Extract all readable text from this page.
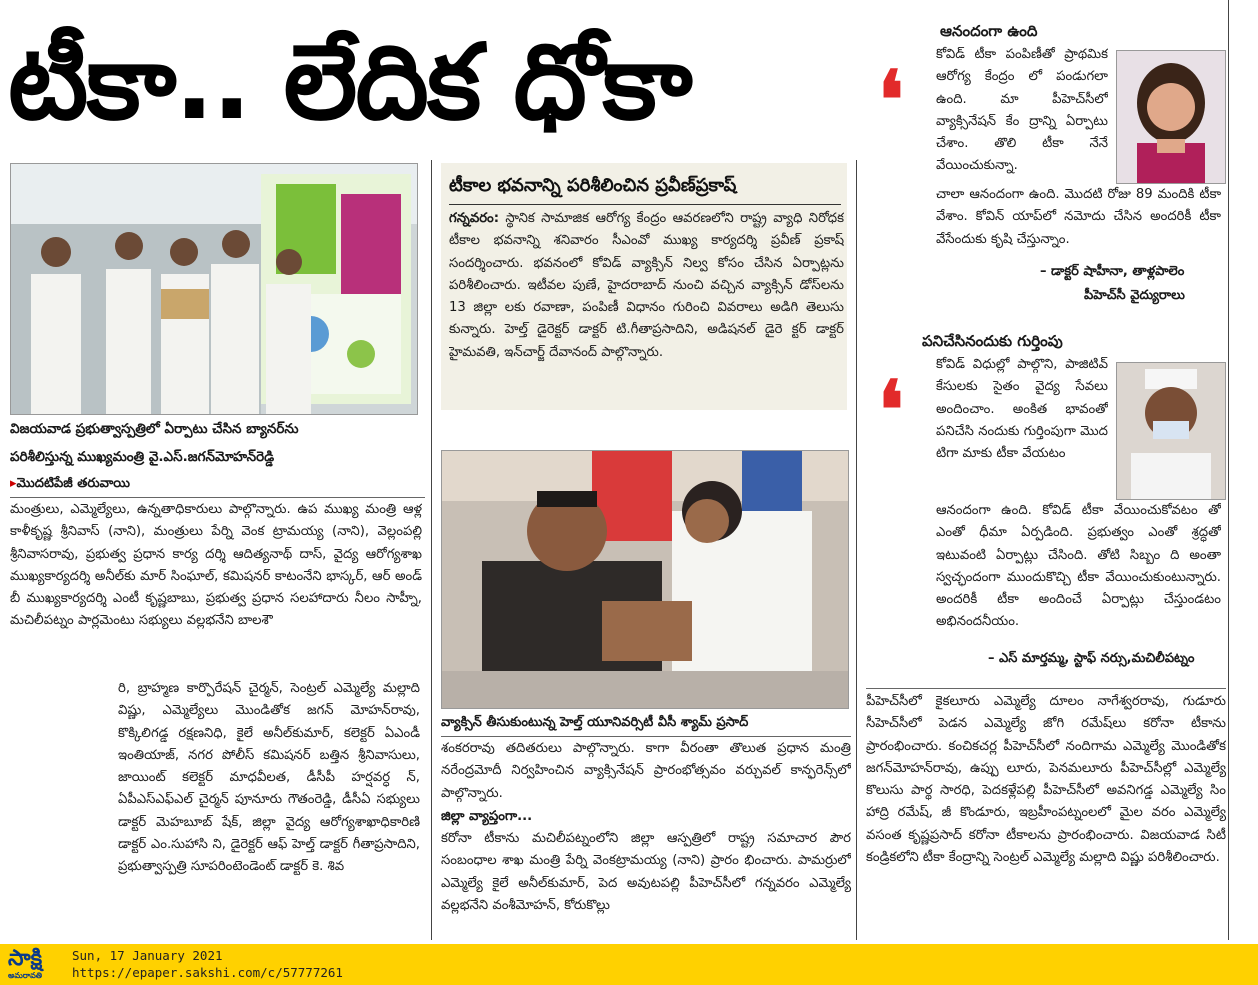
టీకా.. లేదిక ధోకా
విజయవాడ ప్రభుత్వాస్పత్రిలో ఏర్పాటు చేసిన బ్యానర్‌ను
పరిశీలిస్తున్న ముఖ్యమంత్రి వై.ఎస్.జగన్‌మోహన్‌రెడ్డి
▸మొదటిపేజీ తరువాయి
మంత్రులు, ఎమ్మెల్యేలు, ఉన్నతాధికారులు పాల్గొన్నారు. ఉప ముఖ్య మంత్రి ఆళ్ల కాళీకృష్ణ శ్రీనివాస్ (నాని), మంత్రులు పేర్ని వెంక ట్రామయ్య (నాని), వెల్లంపల్లి శ్రీనివాసరావు, ప్రభుత్వ ప్రధాన కార్య దర్శి ఆదిత్యనాథ్ దాస్, వైద్య ఆరోగ్యశాఖ ముఖ్యకార్యదర్శి అనీల్‌కు మార్ సింఘాల్, కమిషనర్ కాటంనేని భాస్కర్, ఆర్ అండ్ బీ ముఖ్యకార్యదర్శి ఎంటీ కృష్ణబాబు, ప్రభుత్వ ప్రధాన సలహాదారు నీలం సాహ్నీ, మచిలీపట్నం పార్లమెంటు సభ్యులు వల్లభనేని బాలశౌ
రి, బ్రాహ్మణ కార్పొరేషన్ చైర్మన్, సెంట్రల్ ఎమ్మెల్యే మల్లాది విష్ణు, ఎమ్మెల్యేలు మొండితోక జగన్ మోహన్‌రావు, కొక్కిలిగడ్డ రక్షణనిధి, కైలే అనీల్‌కుమార్, కలెక్టర్ ఏఎండీ ఇంతియాజ్, నగర పోలీస్ కమిషనర్ బత్తిన శ్రీనివాసులు, జాయింట్ కలెక్టర్ మాధవీలత, డీసీపీ హర్షవర్ధ న్, ఏపీఎస్ఎఫ్ఎల్ చైర్మన్ పూనూరు గౌతంరెడ్డి, డీసీఏ సభ్యులు డాక్టర్ మెహబూబ్ షేక్, జిల్లా వైద్య ఆరోగ్యశాఖాధికారిణి డాక్టర్ ఎం.సుహాసి ని, డైరెక్టర్ ఆఫ్ హెల్త్ డాక్టర్ గీతాప్రసాదిని, ప్రభుత్వాస్పత్రి సూపరింటెండెంట్ డాక్టర్ కె. శివ
టీకాల భవనాన్ని పరిశీలించిన ప్రవీణ్‌ప్రకాష్
గన్నవరం: స్థానిక సామాజిక ఆరోగ్య కేంద్రం ఆవరణలోని రాష్ట్ర వ్యాధి నిరోధక టీకాల భవనాన్ని శనివారం సీఎంవో ముఖ్య కార్యదర్శి ప్రవీణ్ ప్రకాష్ సందర్శించారు. భవనంలో కోవిడ్ వ్యాక్సిన్ నిల్వ కోసం చేసిన ఏర్పాట్లను పరిశీలించారు. ఇటీవల పుణే, హైదరాబాద్ నుంచి వచ్చిన వ్యాక్సిన్ డోస్‌లను 13 జిల్లా లకు రవాణా, పంపిణీ విధానం గురించి వివరాలు అడిగి తెలుసు కున్నారు. హెల్త్ డైరెక్టర్ డాక్టర్ టి.గీతాప్రసాదిని, అడిషనల్ డైరె క్టర్ డాక్టర్ హైమవతి, ఇన్‌చార్జ్ దేవానంద్ పాల్గొన్నారు.
వ్యాక్సిన్ తీసుకుంటున్న హెల్త్ యూనివర్సిటీ వీసీ శ్యామ్ ప్రసాద్
శంకరరావు తదితరులు పాల్గొన్నారు. కాగా వీరంతా తొలుత ప్రధాన మంత్రి నరేంద్రమోదీ నిర్వహించిన వ్యాక్సినేషన్ ప్రారంభోత్సవం వర్చువల్ కాన్ఫరెన్స్‌లో పాల్గొన్నారు.
జిల్లా వ్యాప్తంగా...
కరోనా టీకాను మచిలీపట్నంలోని జిల్లా ఆస్పత్రిలో రాష్ట్ర సమాచార పౌర సంబంధాల శాఖ మంత్రి పేర్ని వెంకట్రామయ్య (నాని) ప్రారం భించారు. పామర్రులో ఎమ్మెల్యే కైలే అనీల్‌కుమార్, పెద అవుటపల్లి పీహెచ్‌సీలో గన్నవరం ఎమ్మెల్యే వల్లభనేని వంశీమోహన్, కోరుకొల్లు
ఆనందంగా ఉంది
❛ కోవిడ్ టీకా పంపిణీతో ప్రాథమిక ఆరోగ్య కేంద్రం లో పండుగలా ఉంది. మా పీహెచ్‌సీలో వ్యాక్సినేషన్ కేం ద్రాన్ని ఏర్పాటు చేశాం. తొలి టీకా నేనే వేయించుకున్నా.
చాలా ఆనందంగా ఉంది. మొదటి రోజు 89 మందికి టీకా వేశాం. కోవిన్ యాప్‌లో నమోదు చేసిన అందరికీ టీకా వేసేందుకు కృషి చేస్తున్నాం.
– డాక్టర్ షాహీనా, తాళ్లపాలెం
పీహెచ్‌సీ వైద్యురాలు
పనిచేసినందుకు గుర్తింపు
❛ కోవిడ్ విధుల్లో పాల్గొని, పాజిటివ్ కేసులకు సైతం వైద్య సేవలు అందించాం. అంకిత భావంతో పనిచేసి నందుకు గుర్తింపుగా మొద టిగా మాకు టీకా వేయటం
ఆనందంగా ఉంది. కోవిడ్ టీకా వేయించుకోవటం తో ఎంతో ధీమా ఏర్పడింది. ప్రభుత్వం ఎంతో శ్రద్ధతో ఇటువంటి ఏర్పాట్లు చేసింది. తోటి సిబ్బం ది అంతా స్వచ్ఛందంగా ముందుకొచ్చి టీకా వేయించుకుంటున్నారు. అందరికీ టీకా అందించే ఏర్పాట్లు చేస్తుండటం అభినందనీయం.
– ఎస్ మార్తమ్మ, స్టాఫ్ నర్సు,మచిలీపట్నం
పీహెచ్‌సీలో కైకలూరు ఎమ్మెల్యే దూలం నాగేశ్వరరావు, గుడూరు సీహెచ్‌సీలో పెడన ఎమ్మెల్యే జోగి రమేష్‌లు కరోనా టీకాను ప్రారంభించారు. కంచికచర్ల పీహెచ్‌సీలో నందిగామ ఎమ్మెల్యే మొండితోక జగన్‌మోహన్‌రావు, ఉప్పు లూరు, పెనమలూరు పీహెచ్‌సీల్లో ఎమ్మెల్యే కొలుసు పార్థ సారధి, పెదకళ్లేపల్లి పీహెచ్‌సీలో అవనిగడ్డ ఎమ్మెల్యే సిం హాద్రి రమేష్, జీ కొండూరు, ఇబ్రహీంపట్నంలలో మైల వరం ఎమ్మెల్యే వసంత కృష్ణప్రసాద్ కరోనా టీకాలను ప్రారంభించారు. విజయవాడ సిటీ కండ్రికలోని టీకా కేంద్రాన్ని సెంట్రల్ ఎమ్మెల్యే మల్లాది విష్ణు పరిశీలించారు.
సాక్షి
అమరావతి
Sun, 17 January 2021
https://epaper.sakshi.com/c/57777261
